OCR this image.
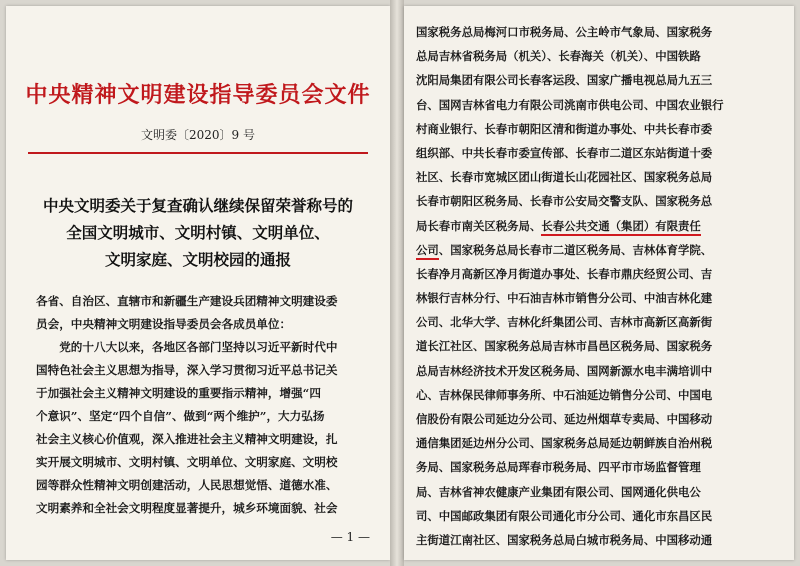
中央精神文明建设指导委员会文件
文明委〔2020〕9 号
中央文明委关于复查确认继续保留荣誉称号的
全国文明城市、文明村镇、文明单位、
文明家庭、文明校园的通报
各省、自治区、直辖市和新疆生产建设兵团精神文明建设委
员会，中央精神文明建设指导委员会各成员单位：
　　党的十八大以来，各地区各部门坚持以习近平新时代中
国特色社会主义思想为指导，深入学习贯彻习近平总书记关
于加强社会主义精神文明建设的重要指示精神，增强“四
个意识”、坚定“四个自信”、做到“两个维护”，大力弘扬
社会主义核心价值观，深入推进社会主义精神文明建设，扎
实开展文明城市、文明村镇、文明单位、文明家庭、文明校
园等群众性精神文明创建活动，人民思想觉悟、道德水准、
文明素养和全社会文明程度显著提升，城乡环境面貌、社会
— 1 —
国家税务总局梅河口市税务局、公主岭市气象局、国家税务
总局吉林省税务局（机关）、长春海关（机关）、中国铁路
沈阳局集团有限公司长春客运段、国家广播电视总局九五三
台、国网吉林省电力有限公司洮南市供电公司、中国农业银行
村商业银行、长春市朝阳区清和街道办事处、中共长春市委
组织部、中共长春市委宣传部、长春市二道区东站街道十委
社区、长春市宽城区团山街道长山花园社区、国家税务总局
长春市朝阳区税务局、长春市公安局交警支队、国家税务总
局长春市南关区税务局、长春公共交通（集团）有限责任
公司、国家税务总局长春市二道区税务局、吉林体育学院、
长春净月高新区净月街道办事处、长春市鼎庆经贸公司、吉
林银行吉林分行、中石油吉林市销售分公司、中油吉林化建
公司、北华大学、吉林化纤集团公司、吉林市高新区高新街
道长江社区、国家税务总局吉林市昌邑区税务局、国家税务
总局吉林经济技术开发区税务局、国网新源水电丰满培训中
心、吉林保民律师事务所、中石油延边销售分公司、中国电
信股份有限公司延边分公司、延边州烟草专卖局、中国移动
通信集团延边州分公司、国家税务总局延边朝鲜族自治州税
务局、国家税务总局珲春市税务局、四平市市场监督管理
局、吉林省神农健康产业集团有限公司、国网通化供电公
司、中国邮政集团有限公司通化市分公司、通化市东昌区民
主街道江南社区、国家税务总局白城市税务局、中国移动通
